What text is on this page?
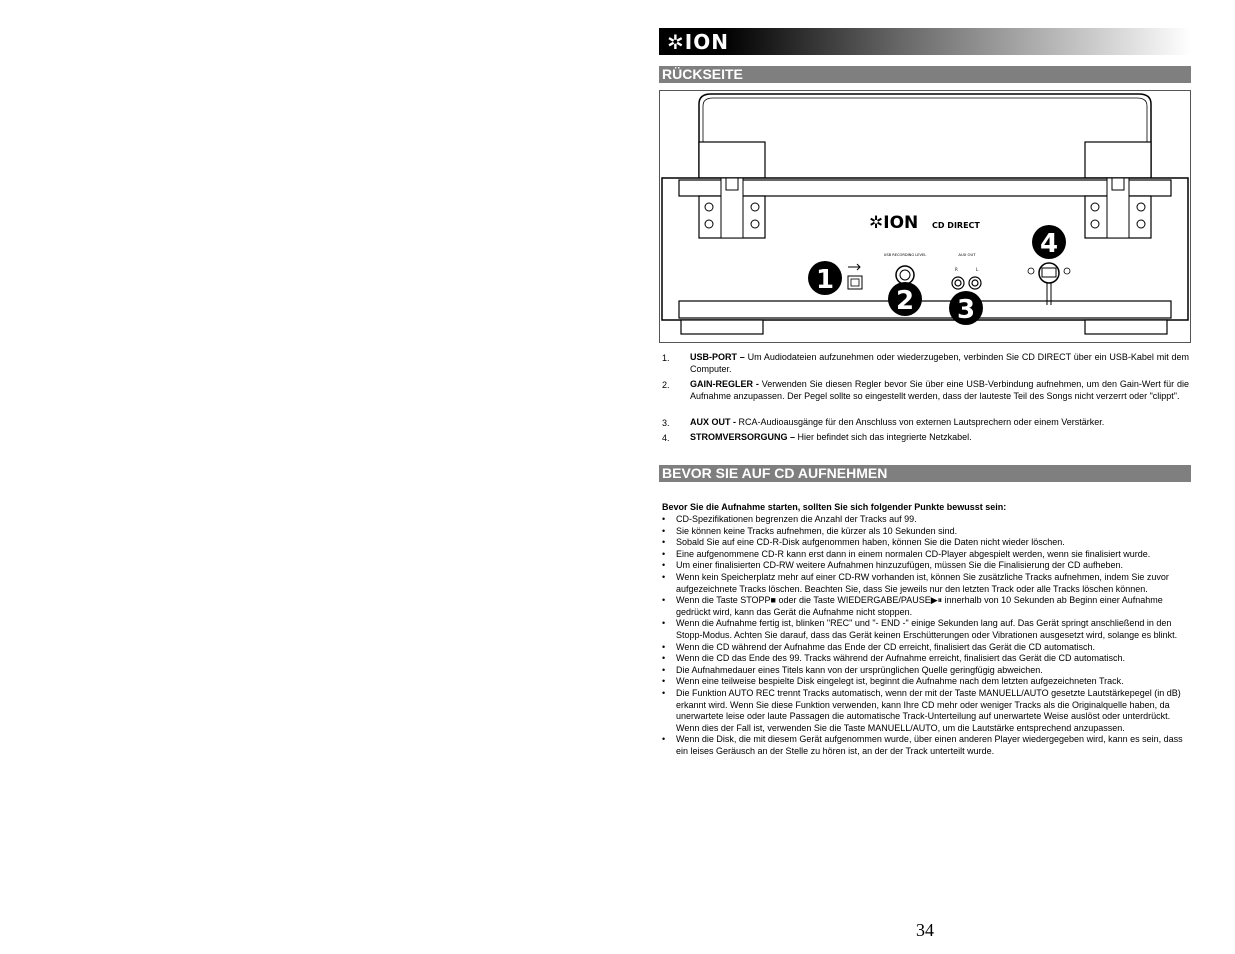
✲ION
RÜCKSEITE
✲ION CD DIRECT
USB RECORDING LEVEL	AUX OUT
R	L
1
2 3
4
1. USB-PORT – Um Audiodateien aufzunehmen oder wiederzugeben, verbinden Sie CD DIRECT über ein USB-Kabel mit dem Computer.
2. GAIN-REGLER - Verwenden Sie diesen Regler bevor Sie über eine USB-Verbindung aufnehmen, um den Gain-Wert für die Aufnahme anzupassen. Der Pegel sollte so eingestellt werden, dass der lauteste Teil des Songs nicht verzerrt oder "clippt".
3. AUX OUT - RCA-Audioausgänge für den Anschluss von externen Lautsprechern oder einem Verstärker.
4. STROMVERSORGUNG – Hier befindet sich das integrierte Netzkabel.
BEVOR SIE AUF CD AUFNEHMEN
Bevor Sie die Aufnahme starten, sollten Sie sich folgender Punkte bewusst sein:
• CD-Spezifikationen begrenzen die Anzahl der Tracks auf 99.
• Sie können keine Tracks aufnehmen, die kürzer als 10 Sekunden sind.
• Sobald Sie auf eine CD-R-Disk aufgenommen haben, können Sie die Daten nicht wieder löschen.
• Eine aufgenommene CD-R kann erst dann in einem normalen CD-Player abgespielt werden, wenn sie finalisiert wurde.
• Um einer finalisierten CD-RW weitere Aufnahmen hinzuzufügen, müssen Sie die Finalisierung der CD aufheben.
• Wenn kein Speicherplatz mehr auf einer CD-RW vorhanden ist, können Sie zusätzliche Tracks aufnehmen, indem Sie zuvor aufgezeichnete Tracks löschen. Beachten Sie, dass Sie jeweils nur den letzten Track oder alle Tracks löschen können.
• Wenn die Taste STOPP■ oder die Taste WIEDERGABE/PAUSE▶⏸ innerhalb von 10 Sekunden ab Beginn einer Aufnahme gedrückt wird, kann das Gerät die Aufnahme nicht stoppen.
• Wenn die Aufnahme fertig ist, blinken "REC" und "- END -" einige Sekunden lang auf. Das Gerät springt anschließend in den Stopp-Modus. Achten Sie darauf, dass das Gerät keinen Erschütterungen oder Vibrationen ausgesetzt wird, solange es blinkt.
• Wenn die CD während der Aufnahme das Ende der CD erreicht, finalisiert das Gerät die CD automatisch.
• Wenn die CD das Ende des 99. Tracks während der Aufnahme erreicht, finalisiert das Gerät die CD automatisch.
• Die Aufnahmedauer eines Titels kann von der ursprünglichen Quelle geringfügig abweichen.
• Wenn eine teilweise bespielte Disk eingelegt ist, beginnt die Aufnahme nach dem letzten aufgezeichneten Track.
• Die Funktion AUTO REC trennt Tracks automatisch, wenn der mit der Taste MANUELL/AUTO gesetzte Lautstärkepegel (in dB) erkannt wird. Wenn Sie diese Funktion verwenden, kann Ihre CD mehr oder weniger Tracks als die Originalquelle haben, da unerwartete leise oder laute Passagen die automatische Track-Unterteilung auf unerwartete Weise auslöst oder unterdrückt. Wenn dies der Fall ist, verwenden Sie die Taste MANUELL/AUTO, um die Lautstärke entsprechend anzupassen.
• Wenn die Disk, die mit diesem Gerät aufgenommen wurde, über einen anderen Player wiedergegeben wird, kann es sein, dass ein leises Geräusch an der Stelle zu hören ist, an der der Track unterteilt wurde.
34
